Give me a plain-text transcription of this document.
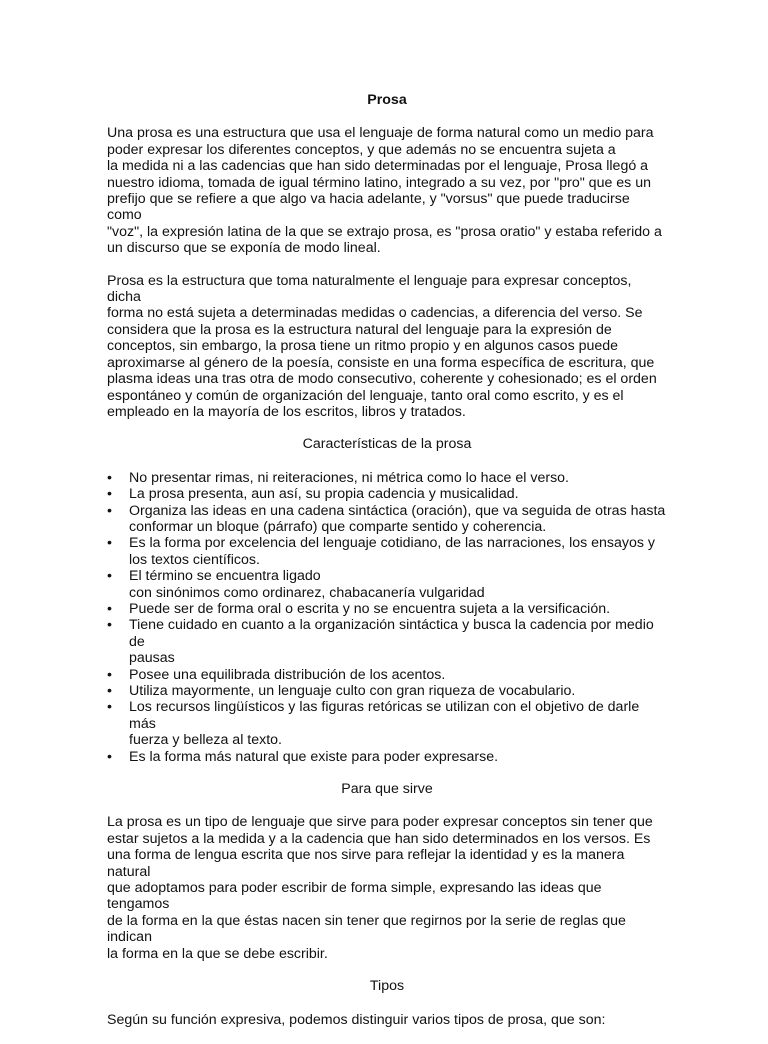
Prosa
Una prosa es una estructura que usa el lenguaje de forma natural como un medio para
poder expresar los diferentes conceptos, y que además no se encuentra sujeta a
la medida ni a las cadencias que han sido determinadas por el lenguaje, Prosa llegó a
nuestro idioma, tomada de igual término latino, integrado a su vez, por "pro" que es un
prefijo que se refiere a que algo va hacia adelante, y "vorsus" que puede traducirse como
"voz", la expresión latina de la que se extrajo prosa, es "prosa oratio" y estaba referido a
un discurso que se exponía de modo lineal.
Prosa es la estructura que toma naturalmente el lenguaje para expresar conceptos, dicha
forma no está sujeta a determinadas medidas o cadencias, a diferencia del verso. Se
considera que la prosa es la estructura natural del lenguaje para la expresión de
conceptos, sin embargo, la prosa tiene un ritmo propio y en algunos casos puede
aproximarse al género de la poesía, consiste en una forma específica de escritura, que
plasma ideas una tras otra de modo consecutivo, coherente y cohesionado; es el orden
espontáneo y común de organización del lenguaje, tanto oral como escrito, y es el
empleado en la mayoría de los escritos, libros y tratados.
Características de la prosa
• No presentar rimas, ni reiteraciones, ni métrica como lo hace el verso.
• La prosa presenta, aun así, su propia cadencia y musicalidad.
• Organiza las ideas en una cadena sintáctica (oración), que va seguida de otras hasta
conformar un bloque (párrafo) que comparte sentido y coherencia.
• Es la forma por excelencia del lenguaje cotidiano, de las narraciones, los ensayos y
los textos científicos.
• El término se encuentra ligado
con sinónimos como ordinarez, chabacanería vulgaridad
• Puede ser de forma oral o escrita y no se encuentra sujeta a la versificación.
• Tiene cuidado en cuanto a la organización sintáctica y busca la cadencia por medio de
pausas
• Posee una equilibrada distribución de los acentos.
• Utiliza mayormente, un lenguaje culto con gran riqueza de vocabulario.
• Los recursos lingüísticos y las figuras retóricas se utilizan con el objetivo de darle más
fuerza y belleza al texto.
• Es la forma más natural que existe para poder expresarse.
Para que sirve
La prosa es un tipo de lenguaje que sirve para poder expresar conceptos sin tener que
estar sujetos a la medida y a la cadencia que han sido determinados en los versos. Es
una forma de lengua escrita que nos sirve para reflejar la identidad y es la manera natural
que adoptamos para poder escribir de forma simple, expresando las ideas que tengamos
de la forma en la que éstas nacen sin tener que regirnos por la serie de reglas que indican
la forma en la que se debe escribir.
Tipos
Según su función expresiva, podemos distinguir varios tipos de prosa, que son:
